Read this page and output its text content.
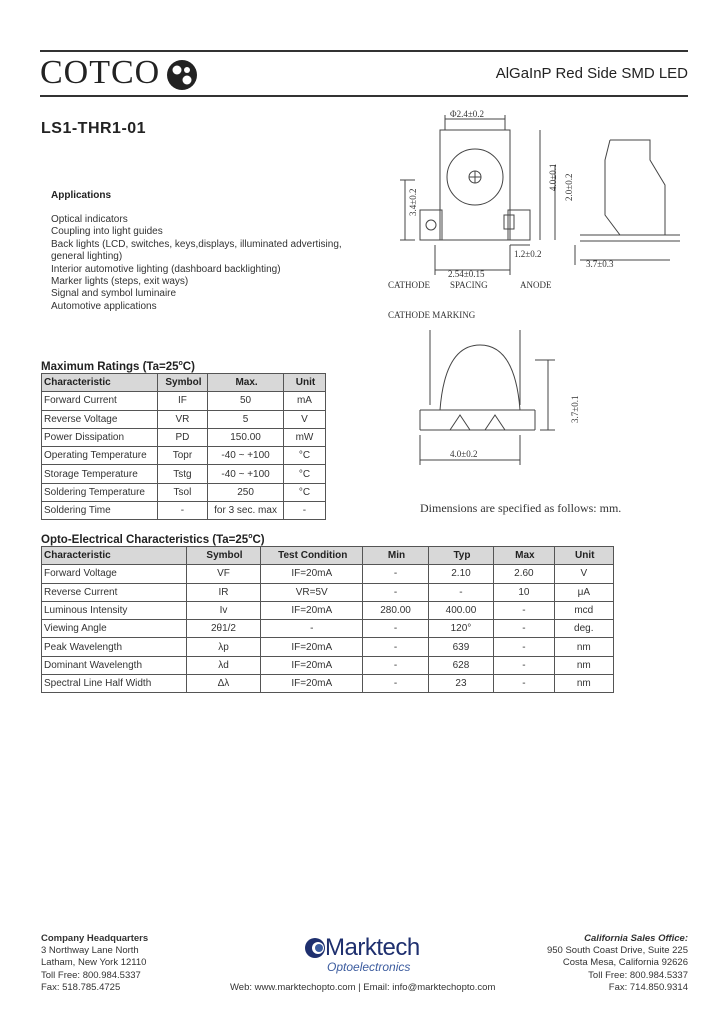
COTCO	AlGaInP Red Side SMD LED
LS1-THR1-01
Applications
Optical indicators
Coupling into light guides
Back lights (LCD, switches, keys,displays, illuminated advertising,
general lighting)
Interior automotive lighting (dashboard backlighting)
Marker lights (steps, exit ways)
Signal and symbol luminaire
Automotive applications
Φ2.4±0.2
3.4±0.2
4.0±0.1 2.0±0.2
1.2±0.2
2.54±0.15
3.7±0.3
CATHODE SPACING	ANODE
CATHODE MARKING
3.7±0.1
4.0±0.2
Dimensions are specified as follows: mm.
Maximum Ratings $(Ta=25^oC)$
Characteristic	Symbol	Max.	Unit
Forward Current	IF	50	mA
Reverse Voltage	VR	5	V
Power Dissipation	PD	150.00	mW
Operating Temperature	Topr	-40 ~ +100	°C
Storage Temperature	Tstg	-40 ~ +100	°C
Soldering Temperature	Tsol	250	°C
Soldering Time	-	for 3 sec. max	-
Opto-Electrical Characteristics $(Ta=25^oC)$
Characteristic	Symbol	Test Condition	Min	Typ	Max	Unit
Forward Voltage	VF	IF=20mA	-	2.10	2.60	V
Reverse Current	IR	VR=5V	-	-	10	μA
Luminous Intensity	Iv	IF=20mA	280.00	400.00	-	mcd
Viewing Angle	2θ1/2	-	-	120°	-	deg.
Peak Wavelength	λp	IF=20mA	-	639	-	nm
Dominant Wavelength	λd	IF=20mA	-	628	-	nm
Spectral Line Half Width	Δλ	IF=20mA	-	23	-	nm
Company Headquarters
3 Northway Lane North
Latham, New York 12110
Toll Free: 800.984.5337
Fax: 518.785.4725
Marktech
Optoelectronics
Web: www.marktechopto.com | Email: info@marktechopto.com
California Sales Office:
950 South Coast Drive, Suite 225
Costa Mesa, California 92626
Toll Free: 800.984.5337
Fax: 714.850.9314
